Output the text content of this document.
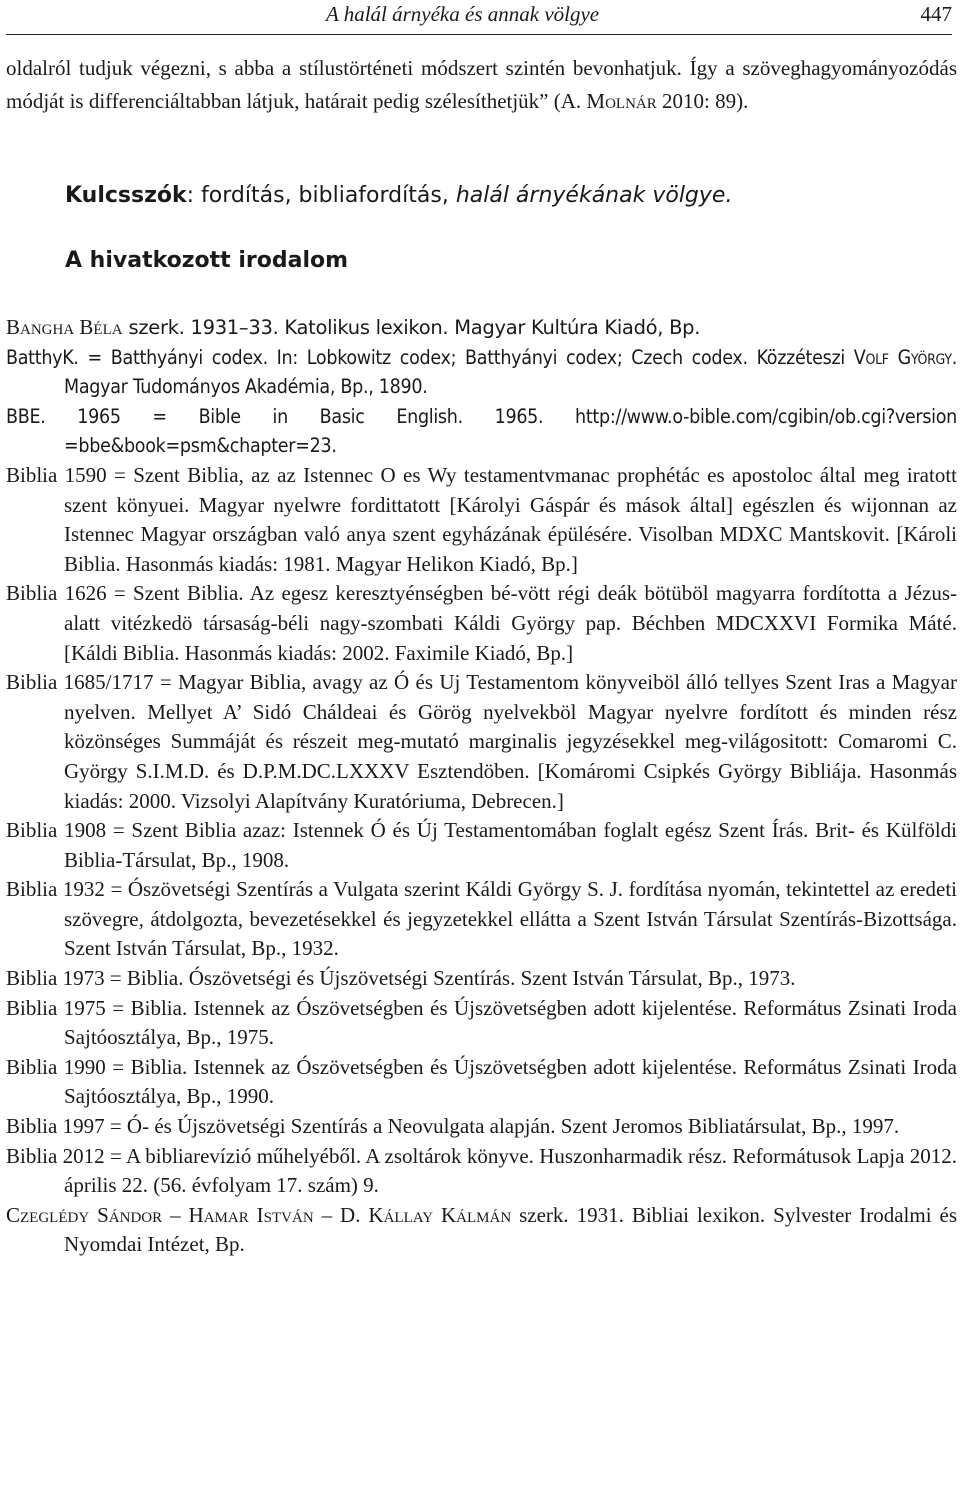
A halál árnyéka és annak völgye	447

oldalról tudjuk végezni, s abba a stílustörténeti módszert szintén bevonhatjuk. Így a szöveghagyományozódás módját is differenciáltabban látjuk, határait pedig szélesíthetjük” (A. Molnár 2010: 89).

Kulcsszók: fordítás, bibliafordítás, halál árnyékának völgye.

A hivatkozott irodalom
Bangha Béla szerk. 1931–33. Katolikus lexikon. Magyar Kultúra Kiadó, Bp.
BatthyK. = Batthyányi codex. In: Lobkowitz codex; Batthyányi codex; Czech codex. Közzéteszi Volf György. Magyar Tudományos Akadémia, Bp., 1890.
BBE. 1965 = Bible in Basic English. 1965. http://www.o-bible.com/cgibin/ob.cgi?version =bbe&book=psm&chapter=23.
Biblia 1590 = Szent Biblia, az az Istennec O es Wy testamentvmanac prophétác es apostoloc által meg iratott szent könyuei. Magyar nyelwre fordittatott [Károlyi Gáspár és mások által] egészlen és wijonnan az Istennec Magyar országban való anya szent egyházának épülésére. Visolban MDXC Mantskovit. [Károli Biblia. Hasonmás kiadás: 1981. Magyar Helikon Kiadó, Bp.]
Biblia 1626 = Szent Biblia. Az egesz keresztyénségben bé-vött régi deák bötüböl magyarra fordította a Jézus-alatt vitézkedö társaság-béli nagy-szombati Káldi György pap. Béchben MDCXXVI Formika Máté. [Káldi Biblia. Hasonmás kiadás: 2002. Faximile Kiadó, Bp.]
Biblia 1685/1717 = Magyar Biblia, avagy az Ó és Uj Testamentom könyveiböl álló tellyes Szent Iras a Magyar nyelven. Mellyet A’ Sidó Cháldeai és Görög nyelvekböl Magyar nyelvre fordított és minden rész közönséges Summáját és részeit meg-mutató marginalis jegyzésekkel meg-világositott: Comaromi C. György S.I.M.D. és D.P.M.DC.LXXXV Esztendöben. [Komáromi Csipkés György Bibliája. Hasonmás kiadás: 2000. Vizsolyi Alapítvány Kuratóriuma, Debrecen.]
Biblia 1908 = Szent Biblia azaz: Istennek Ó és Új Testamentomában foglalt egész Szent Írás. Brit- és Külföldi Biblia-Társulat, Bp., 1908.
Biblia 1932 = Ószövetségi Szentírás a Vulgata szerint Káldi György S. J. fordítása nyomán, tekintettel az eredeti szövegre, átdolgozta, bevezetésekkel és jegyzetekkel ellátta a Szent István Társulat Szentírás-Bizottsága. Szent István Társulat, Bp., 1932.
Biblia 1973 = Biblia. Ószövetségi és Újszövetségi Szentírás. Szent István Társulat, Bp., 1973.
Biblia 1975 = Biblia. Istennek az Ószövetségben és Újszövetségben adott kijelentése. Református Zsinati Iroda Sajtóosztálya, Bp., 1975.
Biblia 1990 = Biblia. Istennek az Ószövetségben és Újszövetségben adott kijelentése. Református Zsinati Iroda Sajtóosztálya, Bp., 1990.
Biblia 1997 = Ó- és Újszövetségi Szentírás a Neovulgata alapján. Szent Jeromos Bibliatársulat, Bp., 1997.
Biblia 2012 = A bibliarevízió műhelyéből. A zsoltárok könyve. Huszonharmadik rész. Reformátusok Lapja 2012. április 22. (56. évfolyam 17. szám) 9.
Czeglédy Sándor – Hamar István – D. Kállay Kálmán szerk. 1931. Bibliai lexikon. Sylvester Irodalmi és Nyomdai Intézet, Bp.
